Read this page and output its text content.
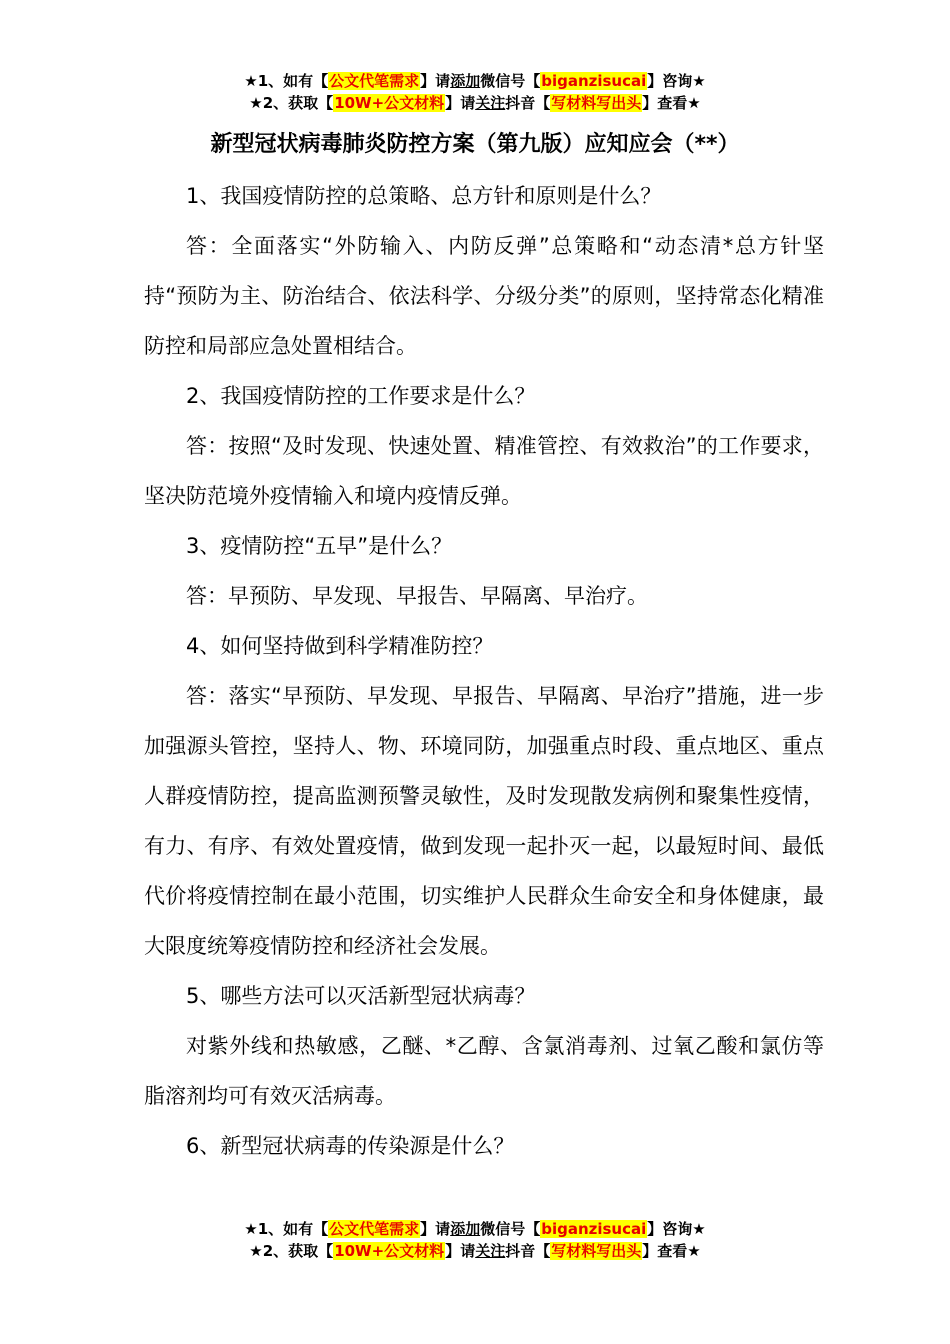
★1、如有【公文代笔需求】请添加微信号【biganzisucai】咨询★
★2、获取【10W+公文材料】请关注抖音【写材料写出头】查看★
新型冠状病毒肺炎防控方案（第九版）应知应会（**）

1、我国疫情防控的总策略、总方针和原则是什么？

答：全面落实“外防输入、内防反弹”总策略和“动态清*总方针坚持“预防为主、防治结合、依法科学、分级分类”的原则，坚持常态化精准防控和局部应急处置相结合。

2、我国疫情防控的工作要求是什么？

答：按照“及时发现、快速处置、精准管控、有效救治”的工作要求，坚决防范境外疫情输入和境内疫情反弹。

3、疫情防控“五早”是什么？

答：早预防、早发现、早报告、早隔离、早治疗。

4、如何坚持做到科学精准防控？

答：落实“早预防、早发现、早报告、早隔离、早治疗”措施，进一步加强源头管控，坚持人、物、环境同防，加强重点时段、重点地区、重点人群疫情防控，提高监测预警灵敏性，及时发现散发病例和聚集性疫情，有力、有序、有效处置疫情，做到发现一起扑灭一起，以最短时间、最低代价将疫情控制在最小范围，切实维护人民群众生命安全和身体健康，最大限度统筹疫情防控和经济社会发展。

5、哪些方法可以灭活新型冠状病毒？

对紫外线和热敏感，乙醚、*乙醇、含氯消毒剂、过氧乙酸和氯仿等脂溶剂均可有效灭活病毒。

6、新型冠状病毒的传染源是什么？

★1、如有【公文代笔需求】请添加微信号【biganzisucai】咨询★
★2、获取【10W+公文材料】请关注抖音【写材料写出头】查看★
